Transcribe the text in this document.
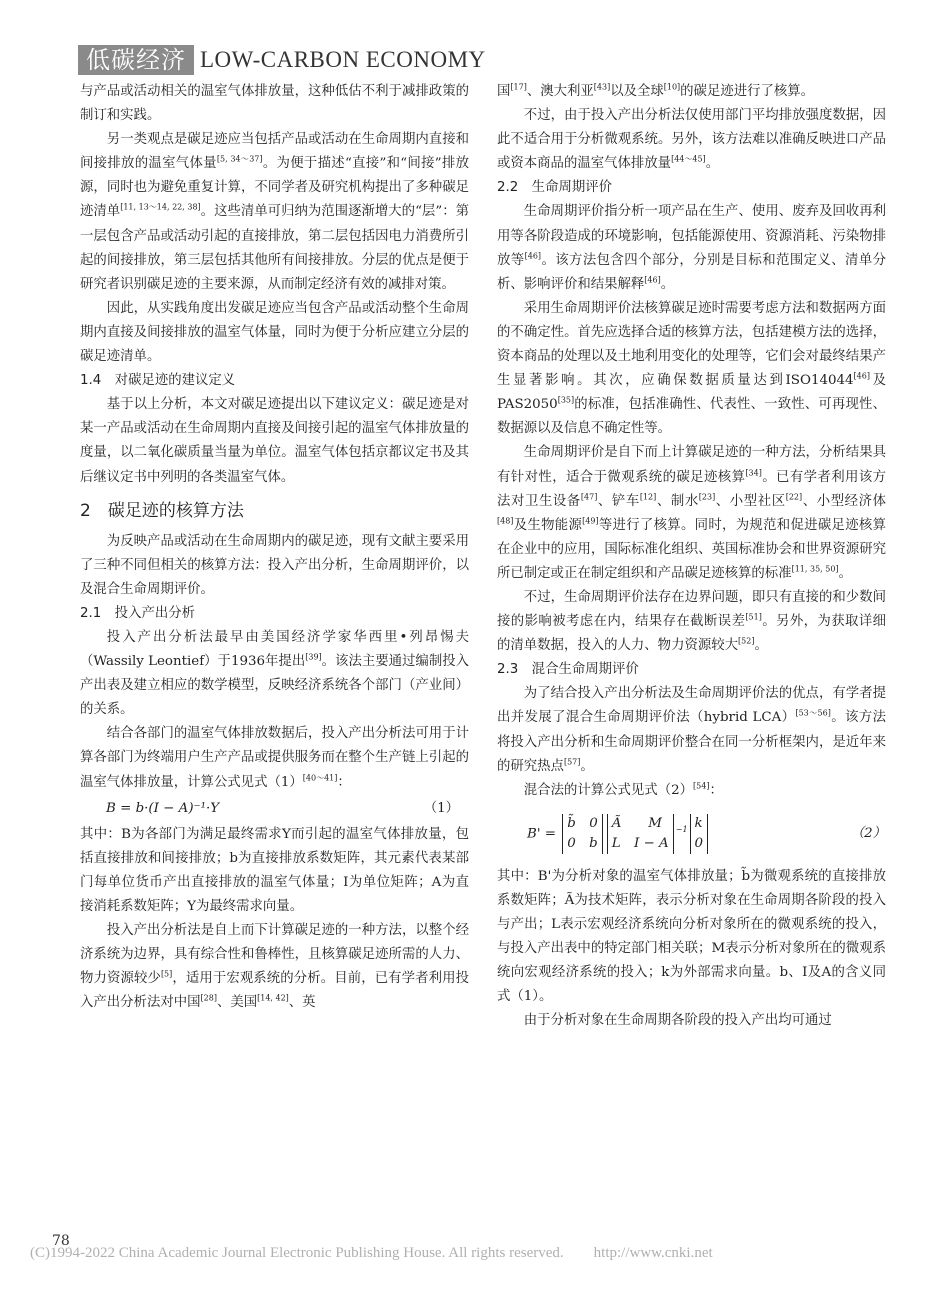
低碳经济 LOW-CARBON ECONOMY

与产品或活动相关的温室气体排放量，这种低估不利于减排政策的制订和实践。

另一类观点是碳足迹应当包括产品或活动在生命周期内直接和间接排放的温室气体量[5, 34～37]。为便于描述“直接”和“间接”排放源，同时也为避免重复计算，不同学者及研究机构提出了多种碳足迹清单[11, 13～14, 22, 38]。这些清单可归纳为范围逐渐增大的“层”：第一层包含产品或活动引起的直接排放，第二层包括因电力消费所引起的间接排放，第三层包括其他所有间接排放。分层的优点是便于研究者识别碳足迹的主要来源，从而制定经济有效的减排对策。

因此，从实践角度出发碳足迹应当包含产品或活动整个生命周期内直接及间接排放的温室气体量，同时为便于分析应建立分层的碳足迹清单。

1.4　对碳足迹的建议定义

基于以上分析，本文对碳足迹提出以下建议定义：碳足迹是对某一产品或活动在生命周期内直接及间接引起的温室气体排放量的度量，以二氧化碳质量当量为单位。温室气体包括京都议定书及其后继议定书中列明的各类温室气体。

2　碳足迹的核算方法

为反映产品或活动在生命周期内的碳足迹，现有文献主要采用了三种不同但相关的核算方法：投入产出分析，生命周期评价，以及混合生命周期评价。

2.1　投入产出分析

投入产出分析法最早由美国经济学家华西里•列昂惕夫（Wassily Leontief）于1936年提出[39]。该法主要通过编制投入产出表及建立相应的数学模型，反映经济系统各个部门（产业间）的关系。

结合各部门的温室气体排放数据后，投入产出分析法可用于计算各部门为终端用户生产产品或提供服务而在整个生产链上引起的温室气体排放量，计算公式见式（1）[40～41]：

B = b·(I − A)⁻¹·Y	（1）

其中：B为各部门为满足最终需求Y而引起的温室气体排放量，包括直接排放和间接排放；b为直接排放系数矩阵，其元素代表某部门每单位货币产出直接排放的温室气体量；I为单位矩阵；A为直接消耗系数矩阵；Y为最终需求向量。

投入产出分析法是自上而下计算碳足迹的一种方法，以整个经济系统为边界，具有综合性和鲁棒性，且核算碳足迹所需的人力、物力资源较少[5]，适用于宏观系统的分析。目前，已有学者利用投入产出分析法对中国[28]、美国[14, 42]、英

国[17]、澳大利亚[43]以及全球[10]的碳足迹进行了核算。

不过，由于投入产出分析法仅使用部门平均排放强度数据，因此不适合用于分析微观系统。另外，该方法难以准确反映进口产品或资本商品的温室气体排放量[44～45]。

2.2　生命周期评价

生命周期评价指分析一项产品在生产、使用、废弃及回收再利用等各阶段造成的环境影响，包括能源使用、资源消耗、污染物排放等[46]。该方法包含四个部分，分别是目标和范围定义、清单分析、影响评价和结果解释[46]。

采用生命周期评价法核算碳足迹时需要考虑方法和数据两方面的不确定性。首先应选择合适的核算方法，包括建模方法的选择，资本商品的处理以及土地利用变化的处理等，它们会对最终结果产生显著影响。其次，应确保数据质量达到ISO14044[46]及PAS2050[35]的标准，包括准确性、代表性、一致性、可再现性、数据源以及信息不确定性等。

生命周期评价是自下而上计算碳足迹的一种方法，分析结果具有针对性，适合于微观系统的碳足迹核算[34]。已有学者利用该方法对卫生设备[47]、铲车[12]、制水[23]、小型社区[22]、小型经济体[48]及生物能源[49]等进行了核算。同时，为规范和促进碳足迹核算在企业中的应用，国际标准化组织、英国标准协会和世界资源研究所已制定或正在制定组织和产品碳足迹核算的标准[11, 35, 50]。

不过，生命周期评价法存在边界问题，即只有直接的和少数间接的影响被考虑在内，结果存在截断误差[51]。另外，为获取详细的清单数据，投入的人力、物力资源较大[52]。

2.3　混合生命周期评价

为了结合投入产出分析法及生命周期评价法的优点，有学者提出并发展了混合生命周期评价法（hybrid LCA）[53～56]。该方法将投入产出分析和生命周期评价整合在同一分析框架内，是近年来的研究热点[57]。

混合法的计算公式见式（2）[54]：

B' = b̃　0
0　bÃ　　M
L　$I - A^{-1}$ k
0
（2）

其中：B'为分析对象的温室气体排放量；b̃为微观系统的直接排放系数矩阵；Ã为技术矩阵，表示分析对象在生命周期各阶段的投入与产出；L表示宏观经济系统向分析对象所在的微观系统的投入，与投入产出表中的特定部门相关联；M表示分析对象所在的微观系统向宏观经济系统的投入；k为外部需求向量。b、I及A的含义同式（1）。

由于分析对象在生命周期各阶段的投入产出均可通过

78
(C)1994-2022 China Academic Journal Electronic Publishing House. All rights reserved.　　http://www.cnki.net
